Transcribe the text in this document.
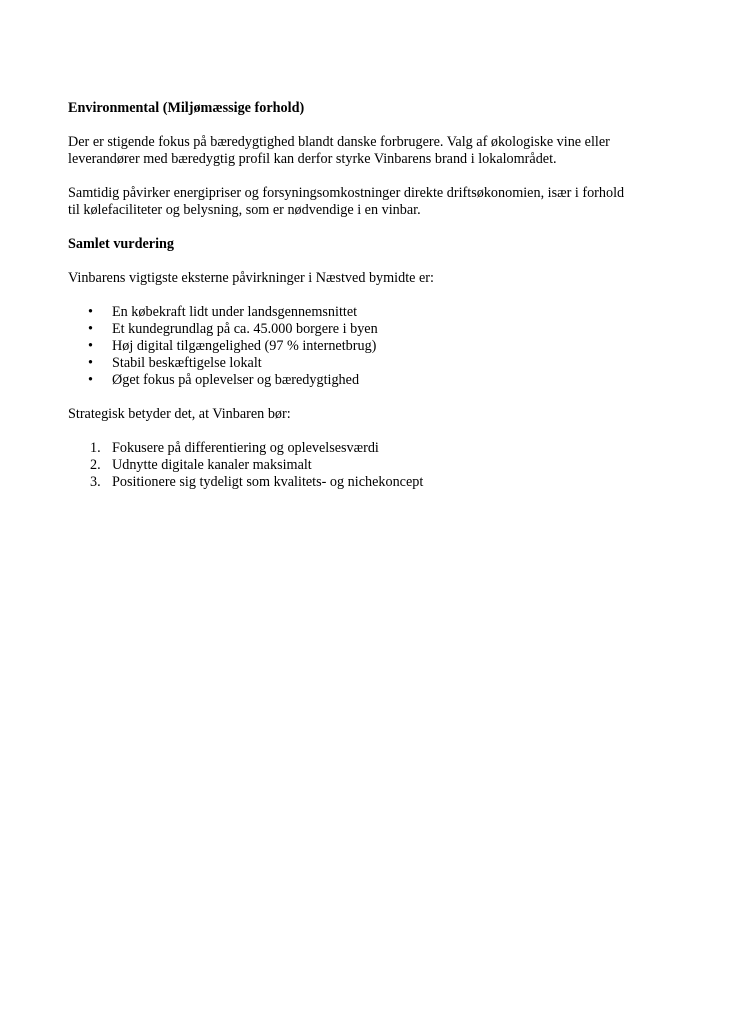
Environmental (Miljømæssige forhold)

Der er stigende fokus på bæredygtighed blandt danske forbrugere. Valg af økologiske vine eller
leverandører med bæredygtig profil kan derfor styrke Vinbarens brand i lokalområdet.

Samtidig påvirker energipriser og forsyningsomkostninger direkte driftsøkonomien, især i forhold
til kølefaciliteter og belysning, som er nødvendige i en vinbar.

Samlet vurdering

Vinbarens vigtigste eksterne påvirkninger i Næstved bymidte er:

• En købekraft lidt under landsgennemsnittet
• Et kundegrundlag på ca. 45.000 borgere i byen
• Høj digital tilgængelighed (97 % internetbrug)
• Stabil beskæftigelse lokalt
• Øget fokus på oplevelser og bæredygtighed

Strategisk betyder det, at Vinbaren bør:

1. Fokusere på differentiering og oplevelsesværdi
2. Udnytte digitale kanaler maksimalt
3. Positionere sig tydeligt som kvalitets- og nichekoncept
